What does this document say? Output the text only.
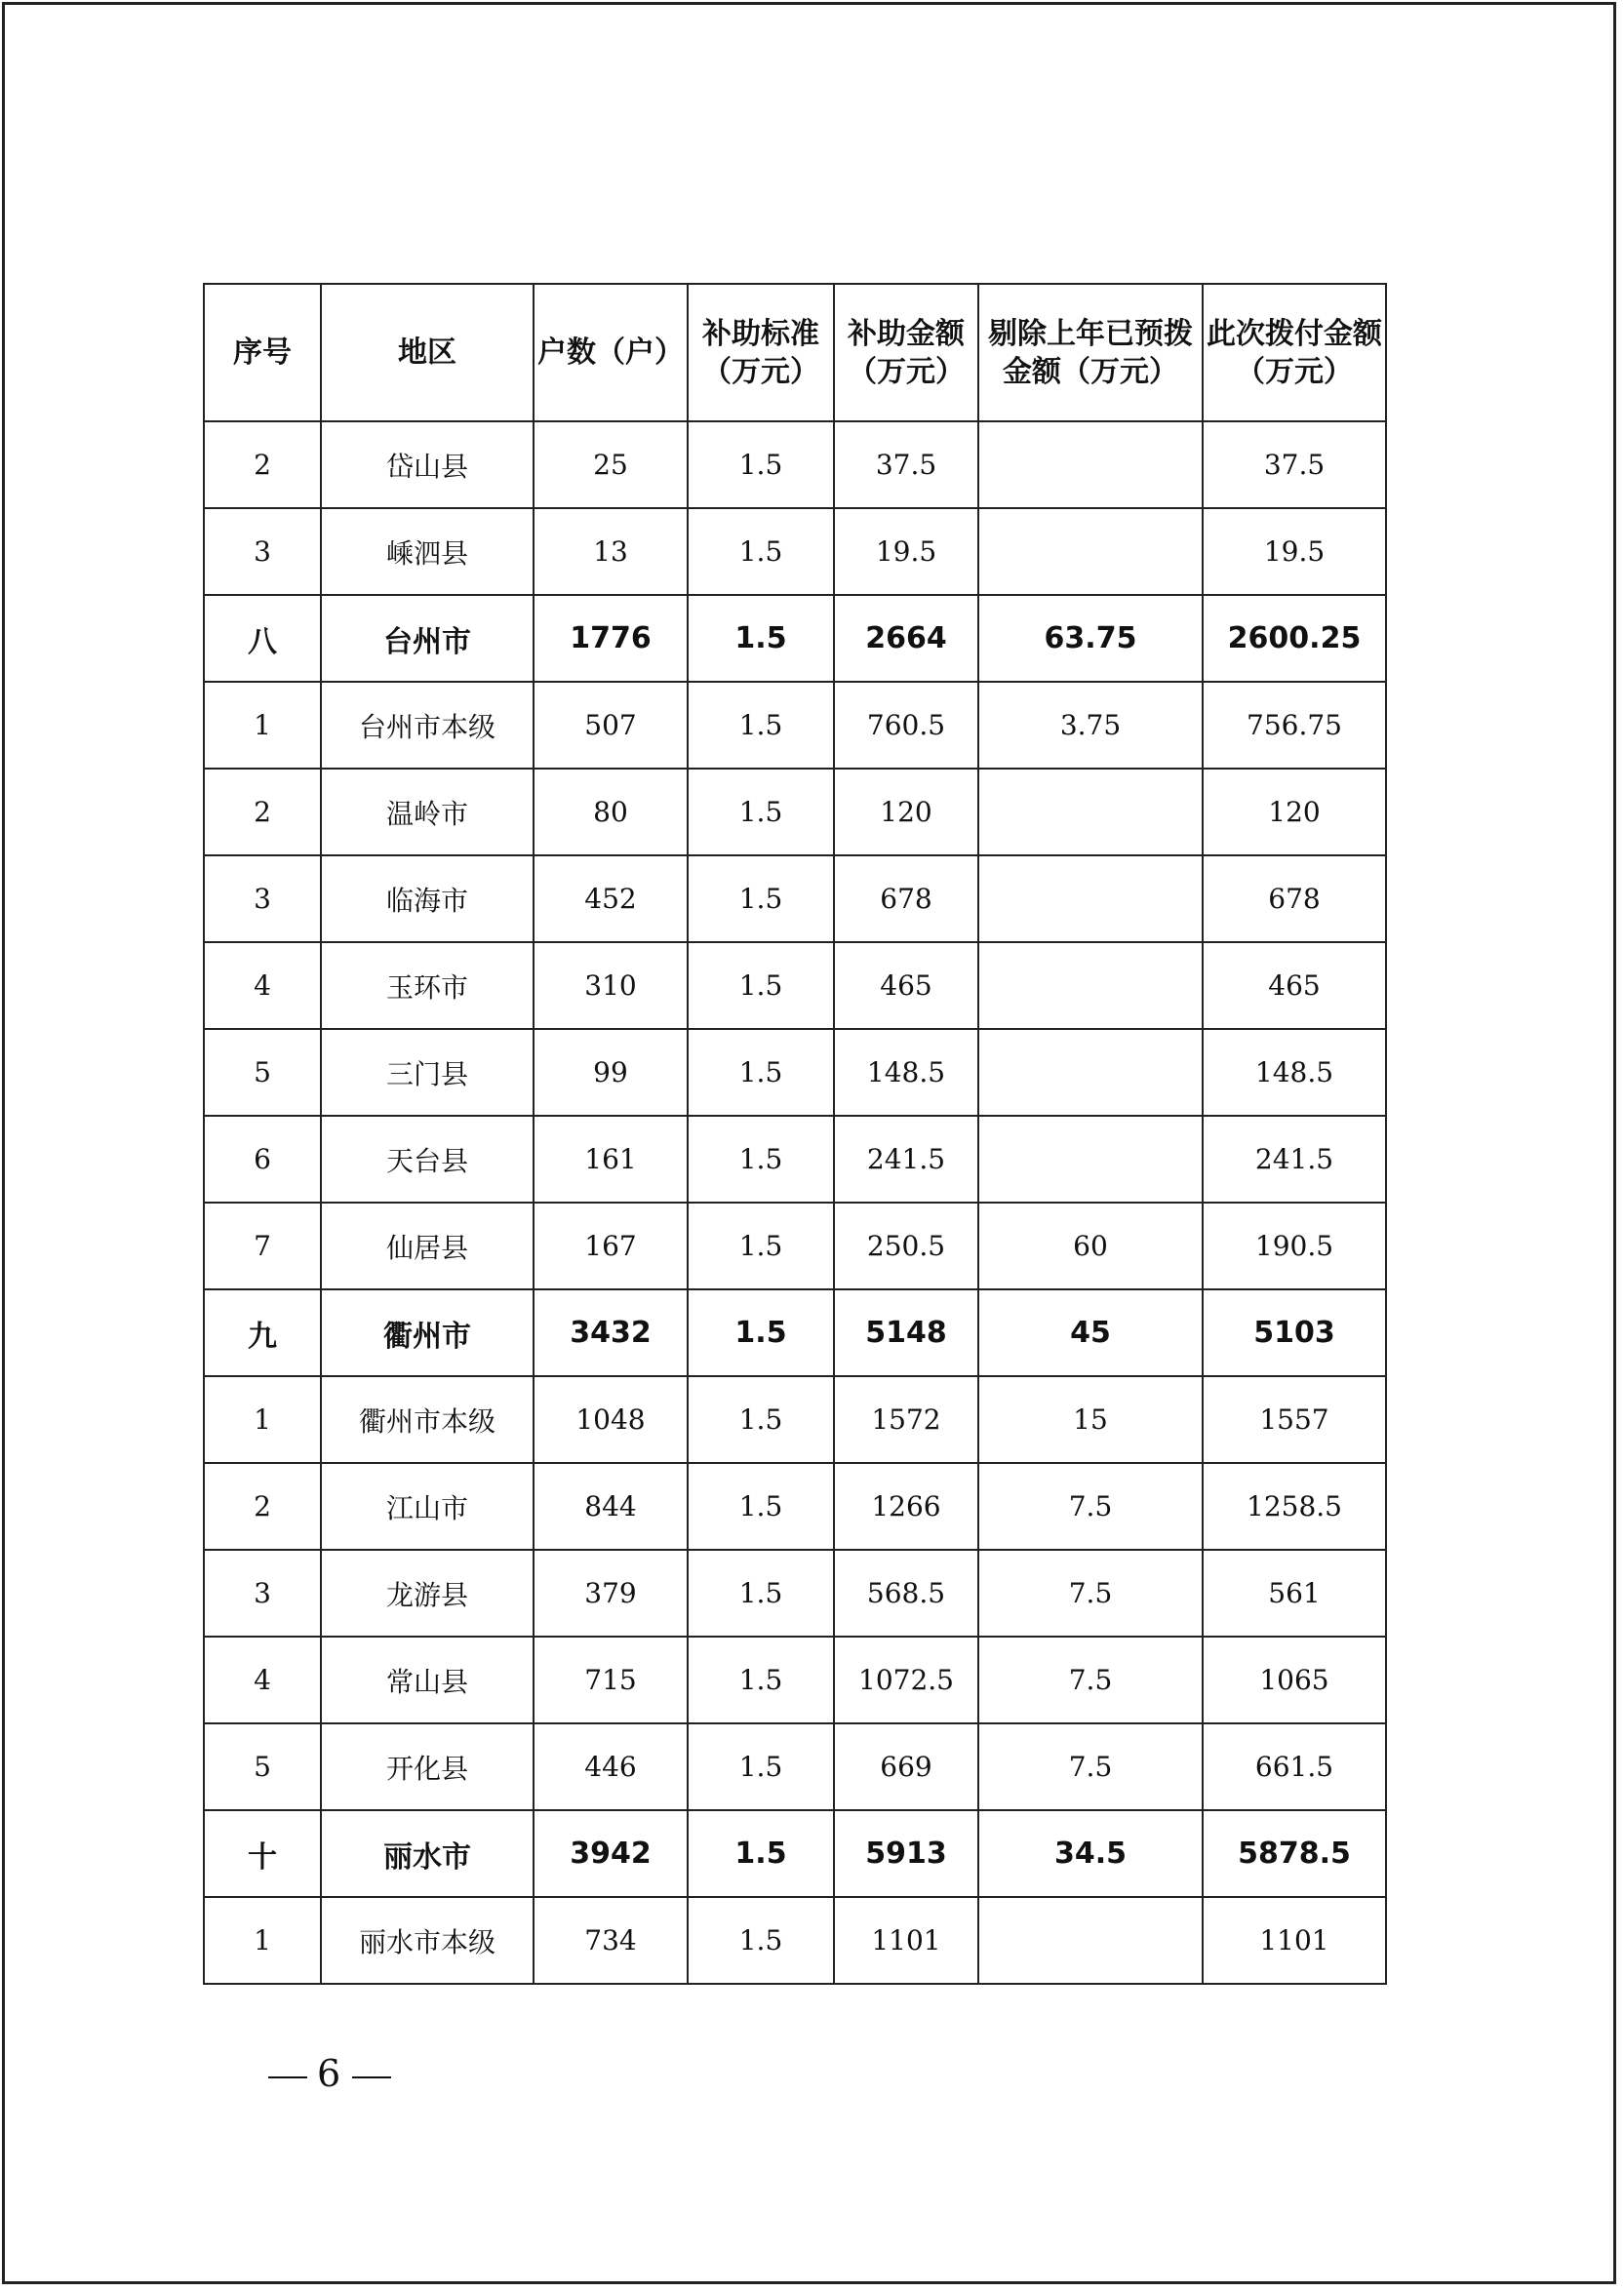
序号	地区	户数（户）	补助标准（万元）	补助金额（万元）	剔除上年已预拨金额（万元）	此次拨付金额（万元）
2	岱山县	25	1.5	37.5		37.5
3	嵊泗县	13	1.5	19.5		19.5
八	台州市	1776	1.5	2664	63.75	2600.25
1	台州市本级	507	1.5	760.5	3.75	756.75
2	温岭市	80	1.5	120		120
3	临海市	452	1.5	678		678
4	玉环市	310	1.5	465		465
5	三门县	99	1.5	148.5		148.5
6	天台县	161	1.5	241.5		241.5
7	仙居县	167	1.5	250.5	60	190.5
九	衢州市	3432	1.5	5148	45	5103
1	衢州市本级	1048	1.5	1572	15	1557
2	江山市	844	1.5	1266	7.5	1258.5
3	龙游县	379	1.5	568.5	7.5	561
4	常山县	715	1.5	1072.5	7.5	1065
5	开化县	446	1.5	669	7.5	661.5
十	丽水市	3942	1.5	5913	34.5	5878.5
1	丽水市本级	734	1.5	1101		1101
6
